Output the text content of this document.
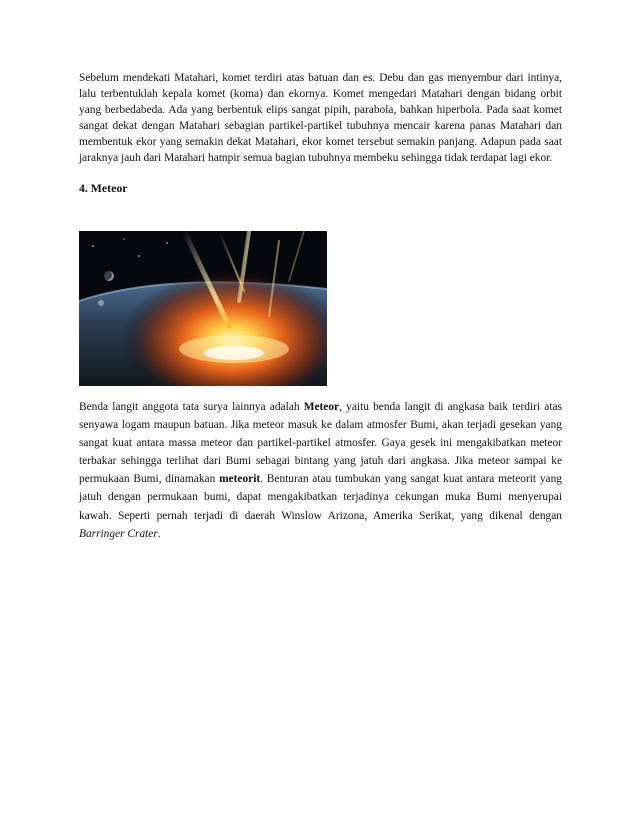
Sebelum mendekati Matahari, komet terdiri atas batuan dan es. Debu dan gas menyembur dari intinya, lalu terbentuklah kepala komet (koma) dan ekornya. Komet mengedari Matahari dengan bidang orbit yang berbedabeda. Ada yang berbentuk elips sangat pipih, parabola, bahkan hiperbola. Pada saat komet sangat dekat dengan Matahari sebagian partikel-partikel tubuhnya mencair karena panas Matahari dan membentuk ekor yang semakin dekat Matahari, ekor komet tersebut semakin panjang. Adapun pada saat jaraknya jauh dari Matahari hampir semua bagian tubuhnya membeku sehingga tidak terdapat lagi ekor.

4. Meteor

Benda langit anggota tata surya lainnya adalah Meteor, yaitu benda langit di angkasa baik terdiri atas senyawa logam maupun batuan. Jika meteor masuk ke dalam atmosfer Bumi, akan terjadi gesekan yang sangat kuat antara massa meteor dan partikel-partikel atmosfer. Gaya gesek ini mengakibatkan meteor terbakar sehingga terlihat dari Bumi sebagai bintang yang jatuh dari angkasa. Jika meteor sampai ke permukaan Bumi, dinamakan meteorit. Benturan atau tumbukan yang sangat kuat antara meteorit yang jatuh dengan permukaan bumi, dapat mengakibatkan terjadinya cekungan muka Bumi menyerupai kawah. Seperti pernah terjadi di daerah Winslow Arizona, Amerika Serikat, yang dikenal dengan Barringer Crater.
